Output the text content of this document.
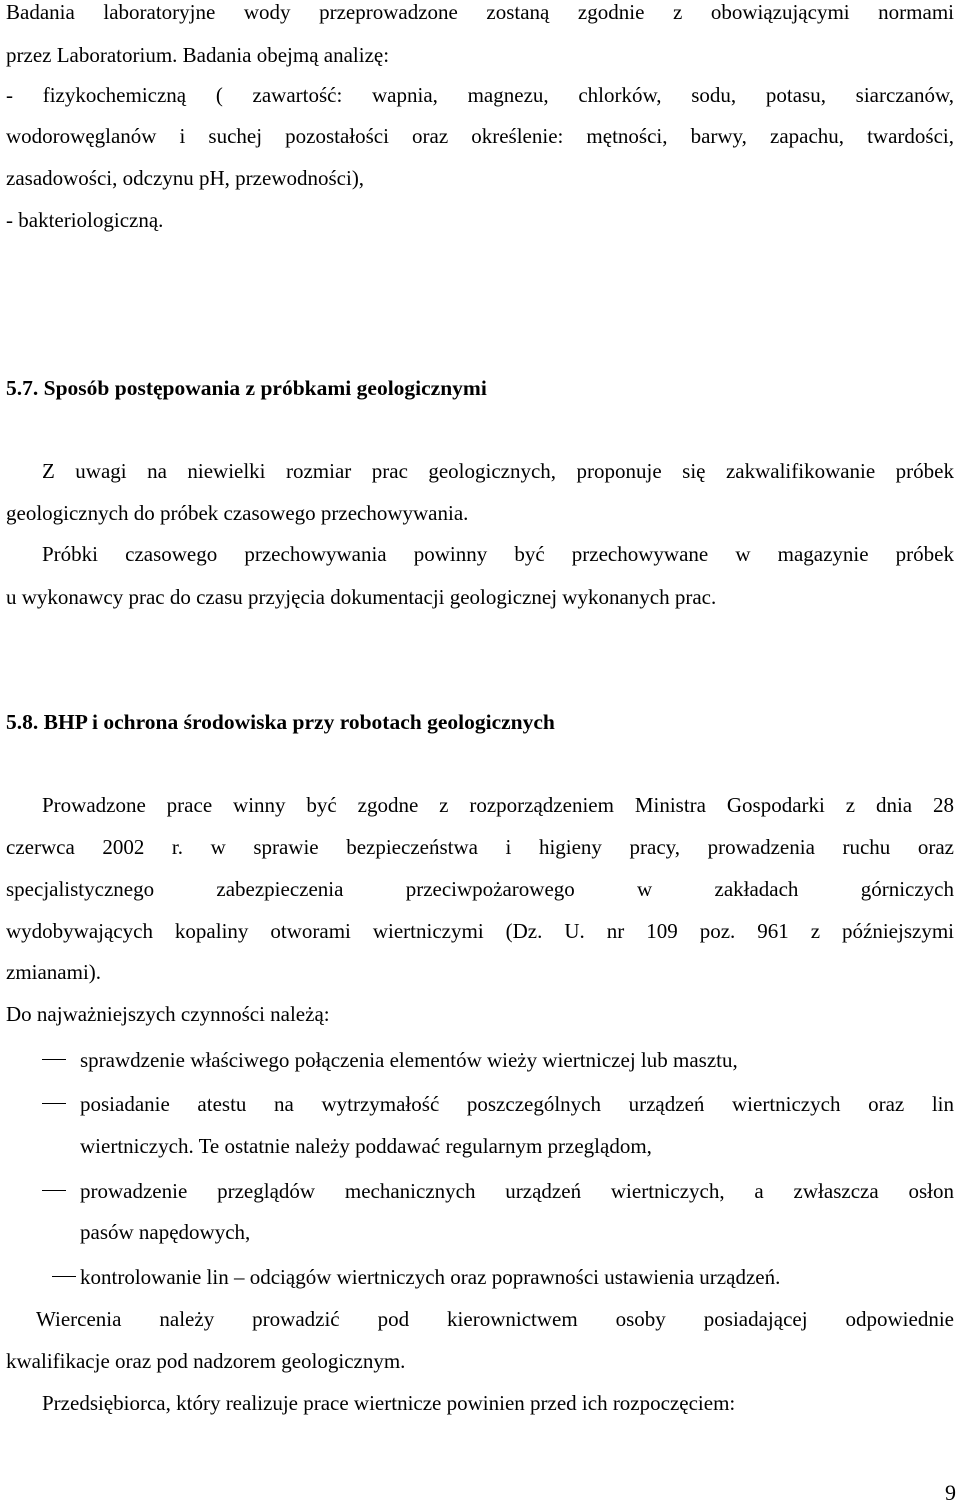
Badania laboratoryjne wody przeprowadzone zostaną zgodnie z obowiązującymi normami
przez Laboratorium. Badania obejmą analizę:
- fizykochemiczną ( zawartość: wapnia, magnezu, chlorków, sodu, potasu, siarczanów,
wodorowęglanów i suchej pozostałości oraz określenie: mętności, barwy, zapachu, twardości,
zasadowości, odczynu pH, przewodności),
- bakteriologiczną.
5.7. Sposób postępowania z próbkami geologicznymi
Z uwagi na niewielki rozmiar prac geologicznych, proponuje się zakwalifikowanie próbek
geologicznych do próbek czasowego przechowywania.
Próbki czasowego przechowywania powinny być przechowywane w magazynie próbek
u wykonawcy prac do czasu przyjęcia dokumentacji geologicznej wykonanych prac.
5.8. BHP i ochrona środowiska przy robotach geologicznych
Prowadzone prace winny być zgodne z rozporządzeniem Ministra Gospodarki z dnia 28
czerwca 2002 r. w sprawie bezpieczeństwa i higieny pracy, prowadzenia ruchu oraz
specjalistycznego zabezpieczenia przeciwpożarowego w zakładach górniczych
wydobywających kopaliny otworami wiertniczymi (Dz. U. nr 109 poz. 961 z późniejszymi
zmianami).
Do najważniejszych czynności należą:
sprawdzenie właściwego połączenia elementów wieży wiertniczej lub masztu,
posiadanie atestu na wytrzymałość poszczególnych urządzeń wiertniczych oraz lin
wiertniczych. Te ostatnie należy poddawać regularnym przeglądom,
prowadzenie przeglądów mechanicznych urządzeń wiertniczych, a zwłaszcza osłon
pasów napędowych,
kontrolowanie lin – odciągów wiertniczych oraz poprawności ustawienia urządzeń.
Wiercenia należy prowadzić pod kierownictwem osoby posiadającej odpowiednie
kwalifikacje oraz pod nadzorem geologicznym.
Przedsiębiorca, który realizuje prace wiertnicze powinien przed ich rozpoczęciem:
9
